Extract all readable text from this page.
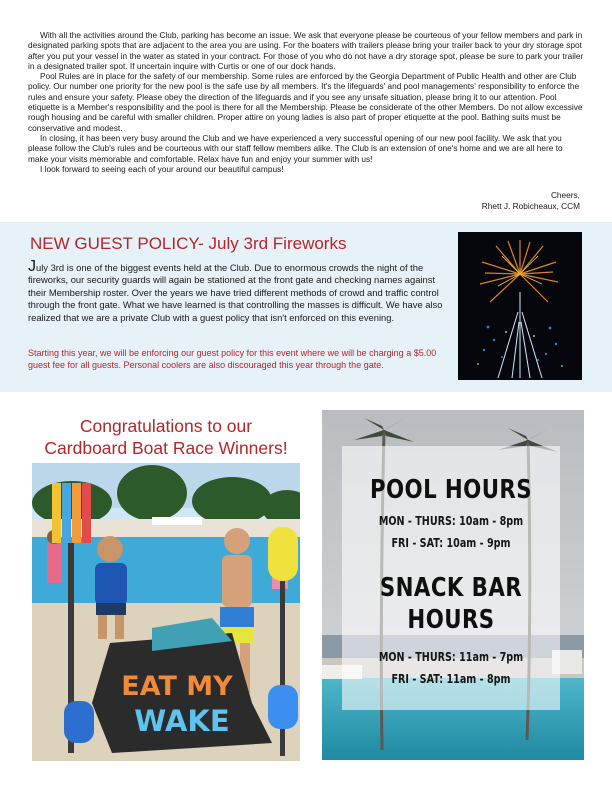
With all the activities around the Club, parking has become an issue. We ask that everyone please be courteous of your fellow members and park in designated parking spots that are adjacent to the area you are using. For the boaters with trailers please bring your trailer back to your dry storage spot after you put your vessel in the water as stated in your contract. For those of you who do not have a dry storage spot, please be sure to park your trailer in a designated trailer spot. If uncertain inquire with Curtis or one of our dock hands.

Pool Rules are in place for the safety of our membership. Some rules are enforced by the Georgia Department of Public Health and other are Club policy. Our number one priority for the new pool is the safe use by all members. It's the lifeguards' and pool managements' responsibility to enforce the rules and ensure your safety. Please obey the direction of the lifeguards and if you see any unsafe situation, please bring it to our attention. Pool etiquette is a Member's responsibility and the pool is there for all the Membership. Please be considerate of the other Members. Do not allow excessive rough housing and be careful with smaller children. Proper attire on young ladies is also part of proper etiquette at the pool. Bathing suits must be conservative and modest.

In closing, it has been very busy around the Club and we have experienced a very successful opening of our new pool facility. We ask that you please follow the Club's rules and be courteous with our staff fellow members alike. The Club is an extension of one's home and we are all here to make your visits memorable and comfortable. Relax have fun and enjoy your summer with us!

I look forward to seeing each of your around our beautiful campus!

Cheers,
Rhett J. Robicheaux, CCM
NEW GUEST POLICY- July 3rd Fireworks
July 3rd is one of the biggest events held at the Club. Due to enormous crowds the night of the fireworks, our security guards will again be stationed at the front gate and checking names against their Membership roster. Over the years we have tried different methods of crowd and traffic control through the front gate. What we have learned is that controlling the masses is difficult. We have also realized that we are a private Club with a guest policy that isn't enforced on this evening.
Starting this year, we will be enforcing our guest policy for this event where we will be charging a $5.00 guest fee for all guests. Personal coolers are also discouraged this year through the gate.
Congratulations to our
Cardboard Boat Race Winners!
EAT MY
WAKE
POOL HOURS
MON - THURS: 10am - 8pm
FRI - SAT: 10am - 9pm
SNACK BAR
HOURS
MON - THURS: 11am - 7pm
FRI - SAT: 11am - 8pm
